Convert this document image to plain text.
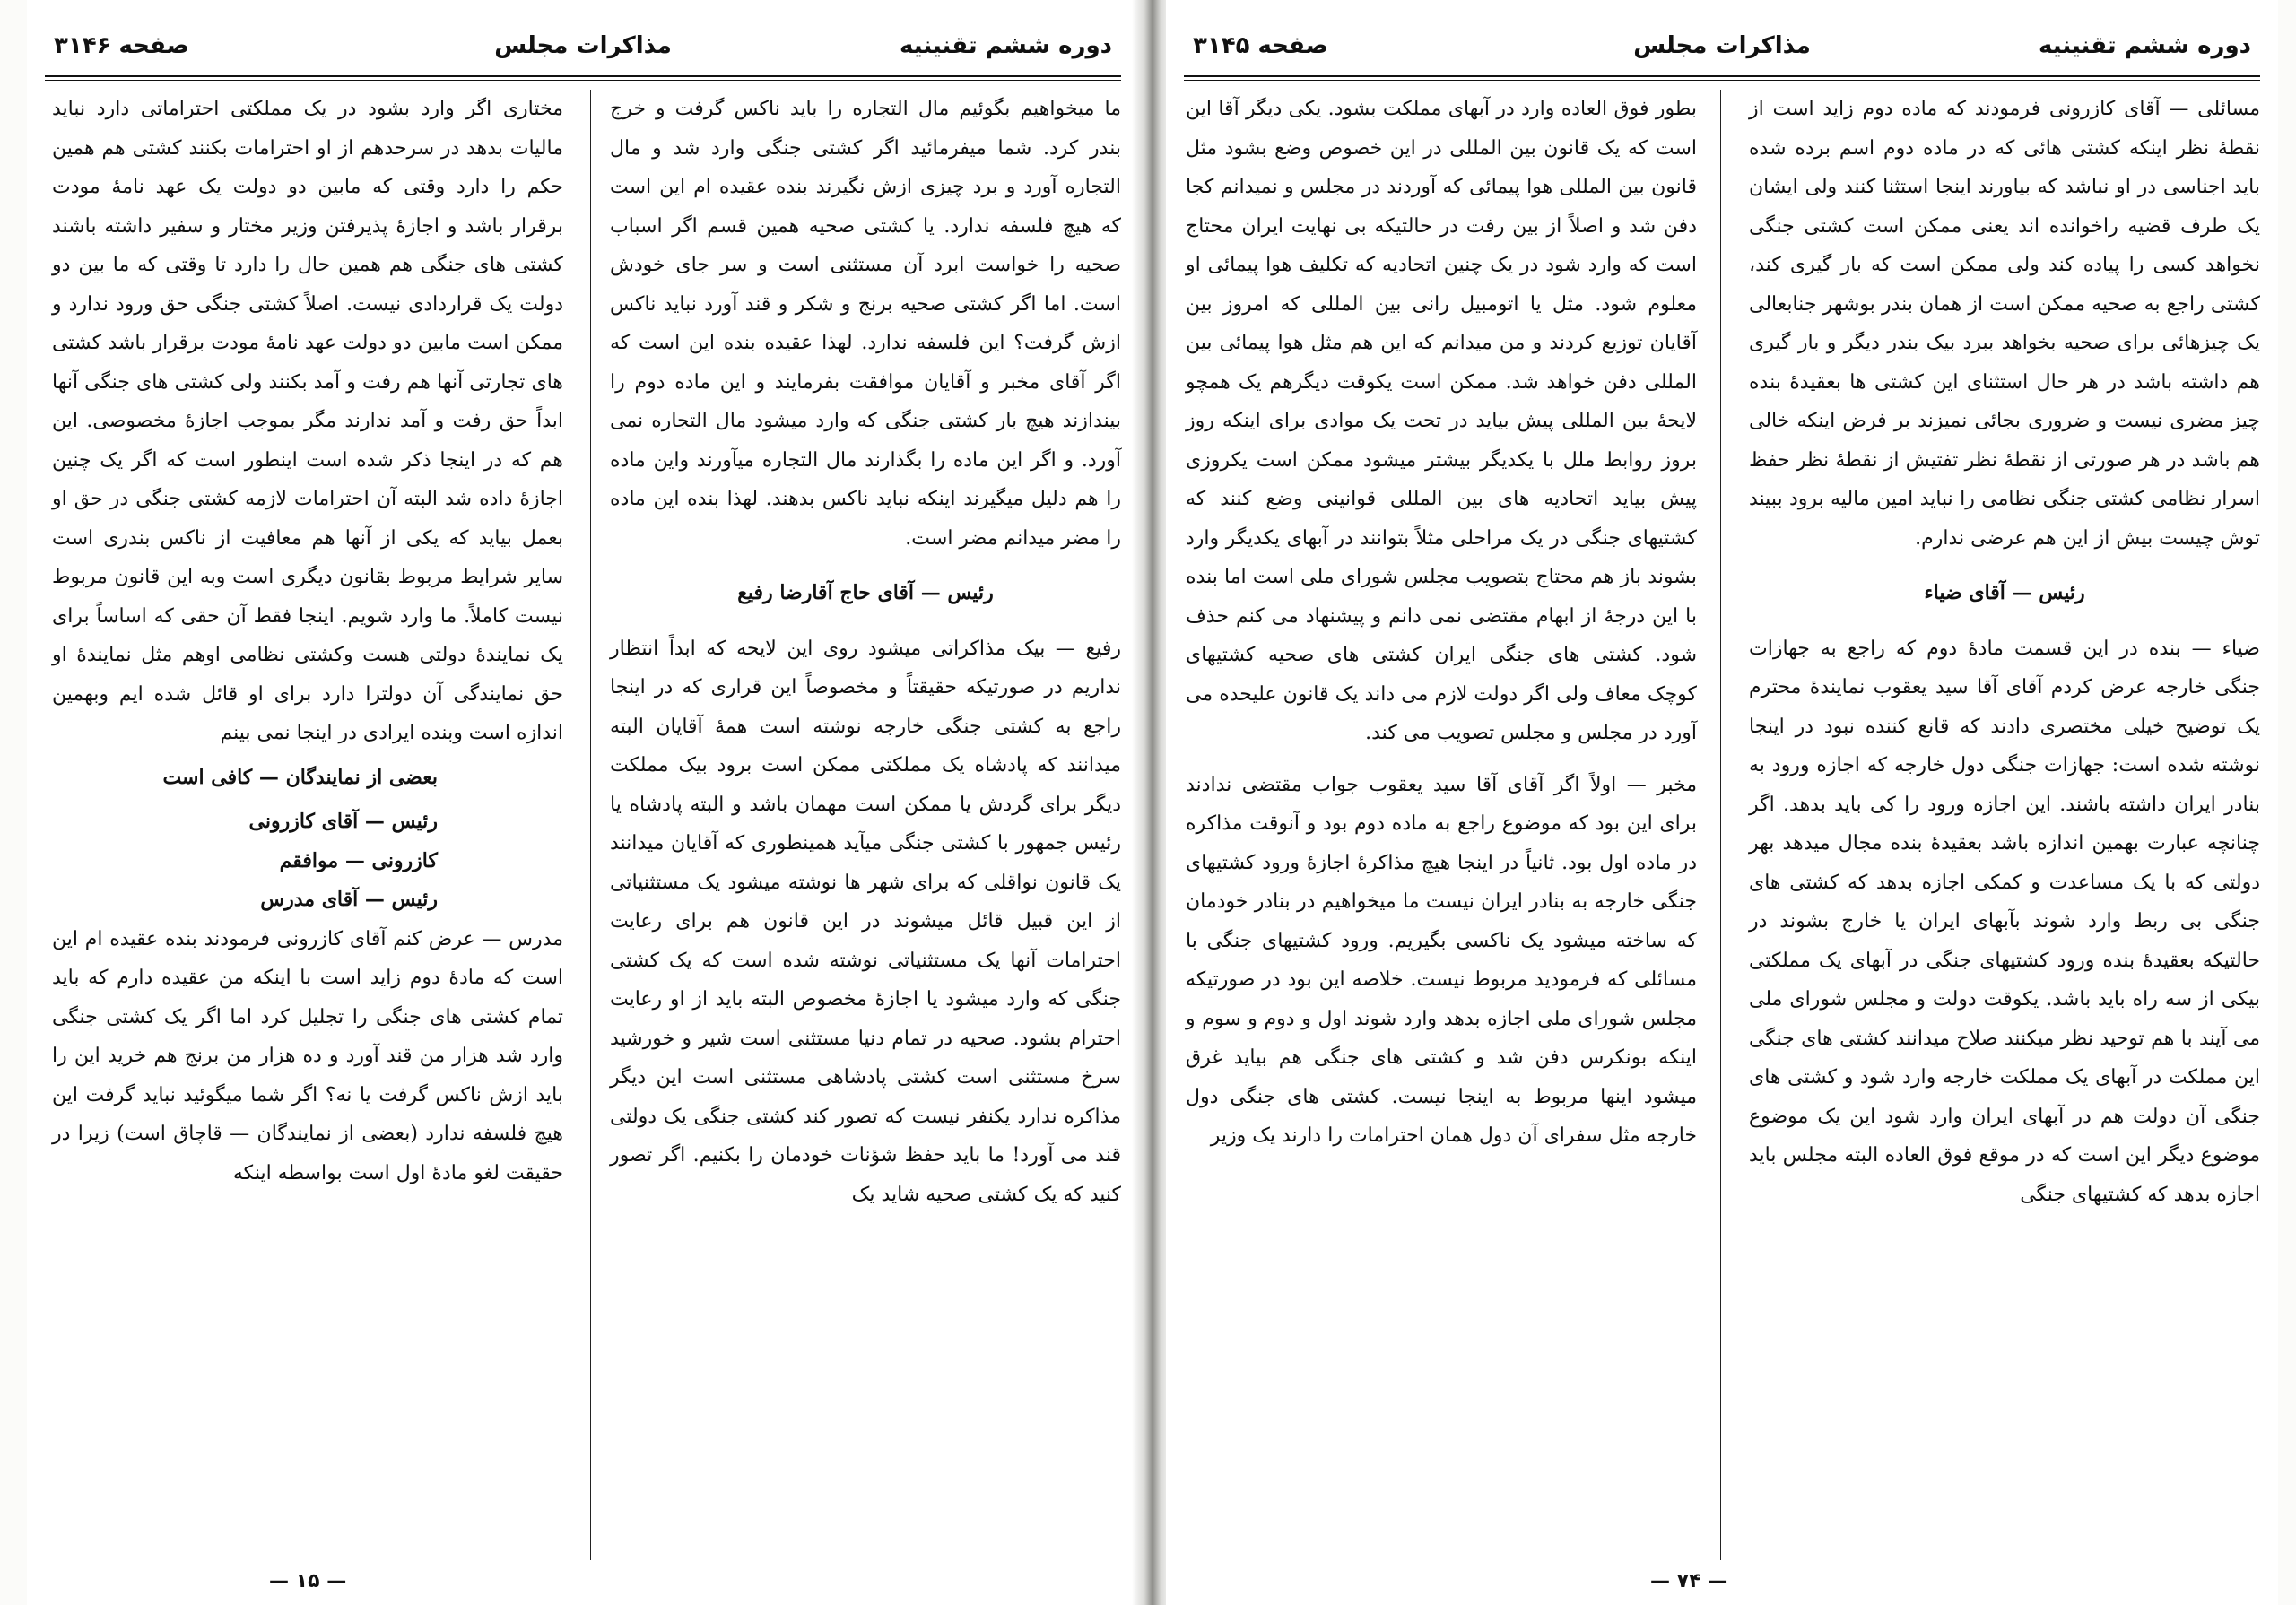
دوره ششم تقنینیه
مذاکرات مجلس
صفحه ۳۱۴۶

ما میخواهیم بگوئیم مال التجاره را باید ناکس گرفت و خرج بندر کرد. شما میفرمائید اگر کشتی جنگی وارد شد و مال التجاره آورد و برد چیزی ازش نگیرند بنده عقیده ام این است که هیچ فلسفه ندارد. یا کشتی صحیه همین قسم اگر اسباب صحیه را خواست ابرد آن مستثنی است و سر جای خودش است. اما اگر کشتی صحیه برنج و شکر و قند آورد نباید ناکس ازش گرفت؟ این فلسفه ندارد. لهذا عقیده بنده این است که اگر آقای مخبر و آقایان موافقت بفرمایند و این ماده دوم را بیندازند هیچ بار کشتی جنگی که وارد میشود مال التجاره نمی آورد. و اگر این ماده را بگذارند مال التجاره میآورند واین ماده را هم دلیل میگیرند اینکه نباید ناکس بدهند. لهذا بنده این ماده را مضر میدانم مضر است.

رئیس — آقای حاج آقارضا رفیع

رفیع — بیک مذاکراتی میشود روی این لایحه که ابداً انتظار نداریم در صورتیکه حقیقتاً و مخصوصاً این قراری که در اینجا راجع به کشتی جنگی خارجه نوشته است همهٔ آقایان البته میدانند که پادشاه یک مملکتی ممکن است برود بیک مملکت دیگر برای گردش یا ممکن است مهمان باشد و البته پادشاه یا رئیس جمهور با کشتی جنگی میآید همینطوری که آقایان میدانند یک قانون نواقلی که برای شهر ها نوشته میشود یک مستثنیاتی از این قبیل قائل میشوند در این قانون هم برای رعایت احترامات آنها یک مستثنیاتی نوشته شده است که یک کشتی جنگی که وارد میشود یا اجازهٔ مخصوص البته باید از او رعایت احترام بشود. صحیه در تمام دنیا مستثنی است شیر و خورشید سرخ مستثنی است کشتی پادشاهی مستثنی است این دیگر مذاکره ندارد یکنفر نیست که تصور کند کشتی جنگی یک دولتی قند می آورد! ما باید حفظ شؤنات خودمان را بکنیم. اگر تصور کنید که یک کشتی صحیه شاید یک

مختاری اگر وارد بشود در یک مملکتی احتراماتی دارد نباید مالیات بدهد در سرحدهم از او احترامات بکنند کشتی هم همین حکم را دارد وقتی که مابین دو دولت یک عهد نامهٔ مودت برقرار باشد و اجازهٔ پذیرفتن وزیر مختار و سفیر داشته باشند کشتی های جنگی هم همین حال را دارد تا وقتی که ما بین دو دولت یک قراردادی نیست. اصلاً کشتی جنگی حق ورود ندارد و ممکن است مابین دو دولت عهد نامهٔ مودت برقرار باشد کشتی های تجارتی آنها هم رفت و آمد بکنند ولی کشتی های جنگی آنها ابداً حق رفت و آمد ندارند مگر بموجب اجازهٔ مخصوصی. این هم که در اینجا ذکر شده است اینطور است که اگر یک چنین اجازهٔ داده شد البته آن احترامات لازمه کشتی جنگی در حق او بعمل بیاید که یکی از آنها هم معافیت از ناکس بندری است سایر شرایط مربوط بقانون دیگری است وبه این قانون مربوط نیست کاملاً. ما وارد شویم. اینجا فقط آن حقی که اساساً برای یک نمایندهٔ دولتی هست وکشتی نظامی اوهم مثل نمایندهٔ او حق نمایندگی آن دولترا دارد برای او قائل شده ایم وبهمین اندازه است وبنده ایرادی در اینجا نمی بینم

بعضی از نمایندگان — کافی است

رئیس — آقای کازرونی

کازرونی — موافقم

رئیس — آقای مدرس

مدرس — عرض کنم آقای کازرونی فرمودند بنده عقیده ام این است که مادهٔ دوم زاید است با اینکه من عقیده دارم که باید تمام کشتی های جنگی را تجلیل کرد اما اگر یک کشتی جنگی وارد شد هزار من قند آورد و ده هزار من برنج هم خرید این را باید ازش ناکس گرفت یا نه؟ اگر شما میگوئید نباید گرفت این هیچ فلسفه ندارد (بعضی از نمایندگان — قاچاق است) زیرا در حقیقت لغو مادهٔ اول است بواسطه اینکه

— ۱۵ —
دوره ششم تقنینیه
مذاکرات مجلس
صفحه ۳۱۴۵

مسائلی — آقای کازرونی فرمودند که ماده دوم زاید است از نقطهٔ نظر اینکه کشتی هائی که در ماده دوم اسم برده شده باید اجناسی در او نباشد که بیاورند اینجا استثنا کنند ولی ایشان یک طرف قضیه راخوانده اند یعنی ممکن است کشتی جنگی نخواهد کسی را پیاده کند ولی ممکن است که بار گیری کند، کشتی راجع به صحیه ممکن است از همان بندر بوشهر جنابعالی یک چیزهائی برای صحیه بخواهد ببرد بیک بندر دیگر و بار گیری هم داشته باشد در هر حال استثنای این کشتی ها بعقیدهٔ بنده چیز مضری نیست و ضروری بجائی نمیزند بر فرض اینکه خالی هم باشد در هر صورتی از نقطهٔ نظر تفتیش از نقطهٔ نظر حفظ اسرار نظامی کشتی جنگی نظامی را نباید امین مالیه برود ببیند توش چیست بیش از این هم عرضی ندارم.

رئیس — آقای ضیاء

ضیاء — بنده در این قسمت مادهٔ دوم که راجع به جهازات جنگی خارجه عرض کردم آقای آقا سید یعقوب نمایندهٔ محترم یک توضیح خیلی مختصری دادند که قانع کننده نبود در اینجا نوشته شده است: جهازات جنگی دول خارجه که اجازه ورود به بنادر ایران داشته باشند. این اجازه ورود را کی باید بدهد. اگر چنانچه عبارت بهمین اندازه باشد بعقیدهٔ بنده مجال میدهد بهر دولتی که با یک مساعدت و کمکی اجازه بدهد که کشتی های جنگی بی ربط وارد شوند بآبهای ایران یا خارج بشوند در حالتیکه بعقیدهٔ بنده ورود کشتیهای جنگی در آبهای یک مملکتی بیکی از سه راه باید باشد. یکوقت دولت و مجلس شورای ملی می آیند با هم توحید نظر میکنند صلاح میدانند کشتی های جنگی این مملکت در آبهای یک مملکت خارجه وارد شود و کشتی های جنگی آن دولت هم در آبهای ایران وارد شود این یک موضوع موضوع دیگر این است که در موقع فوق العاده البته مجلس باید اجازه بدهد که کشتیهای جنگی

بطور فوق العاده وارد در آبهای مملکت بشود. یکی دیگر آقا این است که یک قانون بین المللی در این خصوص وضع بشود مثل قانون بین المللی هوا پیمائی که آوردند در مجلس و نمیدانم کجا دفن شد و اصلاً از بین رفت در حالتیکه بی نهایت ایران محتاج است که وارد شود در یک چنین اتحادیه که تکلیف هوا پیمائی او معلوم شود. مثل یا اتومبیل رانی بین المللی که امروز بین آقایان توزیع کردند و من میدانم که این هم مثل هوا پیمائی بین المللی دفن خواهد شد. ممکن است یکوقت دیگرهم یک همچو لایحهٔ بین المللی پیش بیاید در تحت یک موادی برای اینکه روز بروز روابط ملل با یکدیگر بیشتر میشود ممکن است یکروزی پیش بیاید اتحادیه های بین المللی قوانینی وضع کنند که کشتیهای جنگی در یک مراحلی مثلاً بتوانند در آبهای یکدیگر وارد بشوند باز هم محتاج بتصویب مجلس شورای ملی است اما بنده با این درجهٔ از ابهام مقتضی نمی دانم و پیشنهاد می کنم حذف شود. کشتی های جنگی ایران کشتی های صحیه کشتیهای کوچک معاف ولی اگر دولت لازم می داند یک قانون علیحده می آورد در مجلس و مجلس تصویب می کند.

مخبر — اولاً اگر آقای آقا سید یعقوب جواب مقتضی ندادند برای این بود که موضوع راجع به ماده دوم بود و آنوقت مذاکره در ماده اول بود. ثانیاً در اینجا هیچ مذاکرهٔ اجازهٔ ورود کشتیهای جنگی خارجه به بنادر ایران نیست ما میخواهیم در بنادر خودمان که ساخته میشود یک ناکسی بگیریم. ورود کشتیهای جنگی با مسائلی که فرمودید مربوط نیست. خلاصه این بود در صورتیکه مجلس شورای ملی اجازه بدهد وارد شوند اول و دوم و سوم و اینکه بونکرس دفن شد و کشتی های جنگی هم بیاید غرق میشود اینها مربوط به اینجا نیست. کشتی های جنگی دول خارجه مثل سفرای آن دول همان احترامات را دارند یک وزیر

— ۷۴ —
